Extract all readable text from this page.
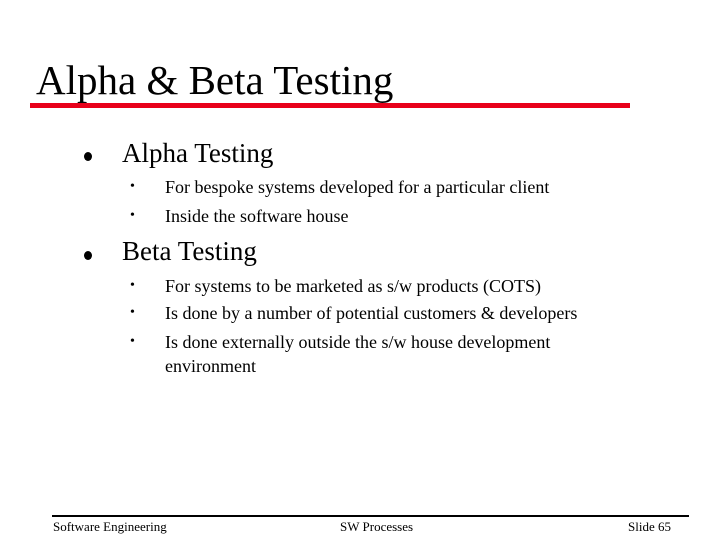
Alpha & Beta Testing
Alpha Testing
• For bespoke systems developed for a particular client
• Inside the software house
Beta Testing
• For systems to be marketed as s/w products (COTS)
• Is done by a number of potential customers & developers
• Is done externally outside the s/w house development
environment
Software Engineering	SW Processes	Slide 65
